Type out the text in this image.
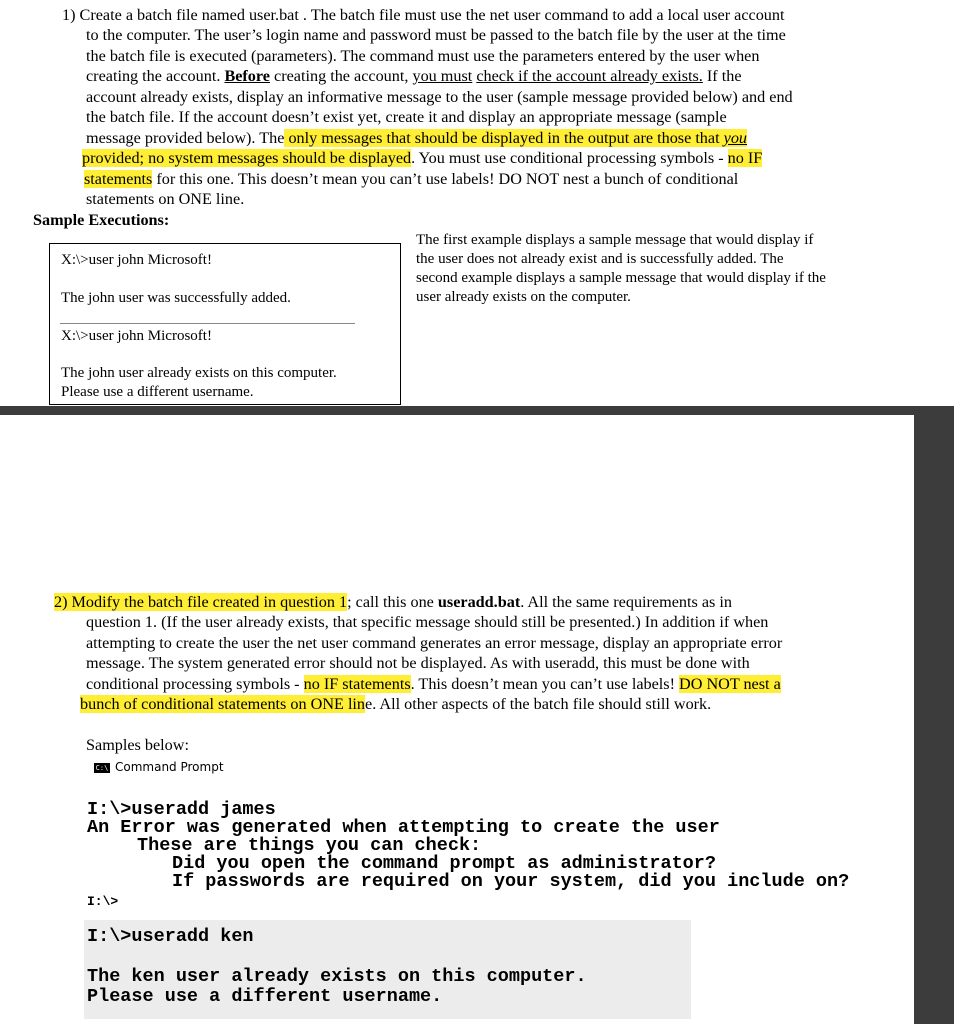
1) Create a batch file named user.bat . The batch file must use the net user command to add a local user account
to the computer. The user’s login name and password must be passed to the batch file by the user at the time
the batch file is executed (parameters). The command must use the parameters entered by the user when
creating the account. Before creating the account, you must check if the account already exists. If the
account already exists, display an informative message to the user (sample message provided below) and end
the batch file. If the account doesn’t exist yet, create it and display an appropriate message (sample
message provided below). The only messages that should be displayed in the output are those that you
provided; no system messages should be displayed. You must use conditional processing symbols - no IF
statements for this one. This doesn’t mean you can’t use labels! DO NOT nest a bunch of conditional
statements on ONE line.
Sample Executions:
X:\>user john Microsoft!
The john user was successfully added.
X:\>user john Microsoft!
The john user already exists on this computer.
Please use a different username.
The first example displays a sample message that would display if
the user does not already exist and is successfully added. The
second example displays a sample message that would display if the
user already exists on the computer.
2) Modify the batch file created in question 1; call this one useradd.bat. All the same requirements as in
question 1. (If the user already exists, that specific message should still be presented.) In addition if when
attempting to create the user the net user command generates an error message, display an appropriate error
message. The system generated error should not be displayed. As with useradd, this must be done with
conditional processing symbols - no IF statements. This doesn’t mean you can’t use labels! DO NOT nest a
bunch of conditional statements on ONE line. All other aspects of the batch file should still work.
Samples below:
C:\ Command Prompt
I:\>useradd james
An Error was generated when attempting to create the user
These are things you can check:
Did you open the command prompt as administrator?
If passwords are required on your system, did you include on?
I:\>useradd ken
The ken user already exists on this computer.
Please use a different username.
